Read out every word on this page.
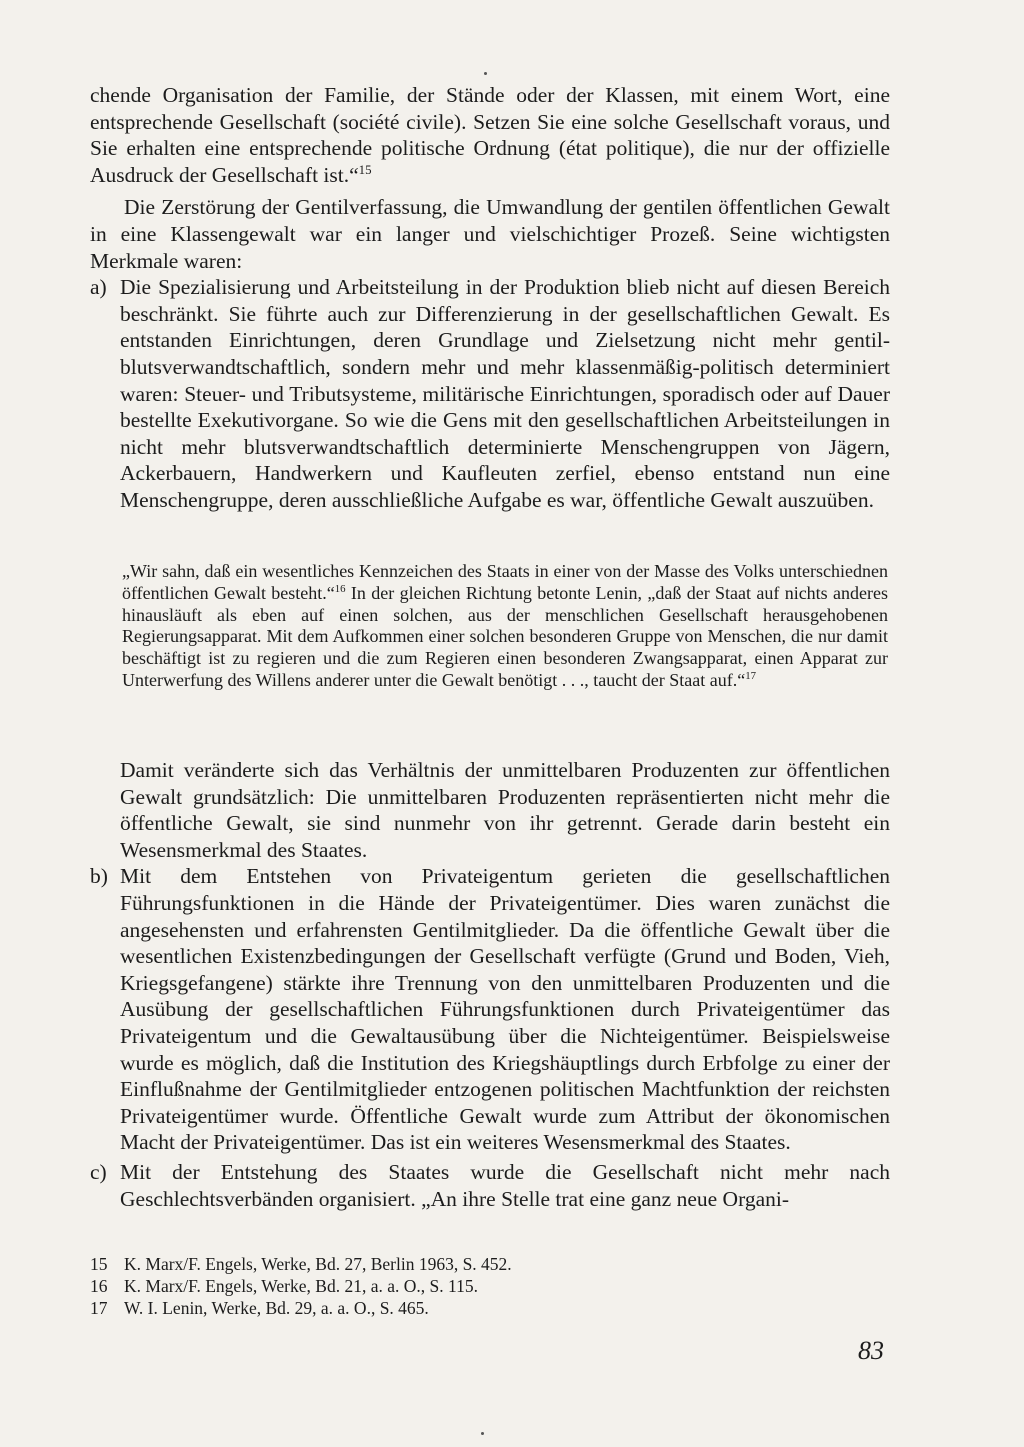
chende Organisation der Familie, der Stände oder der Klassen, mit einem Wort, eine entsprechende Gesellschaft (société civile). Setzen Sie eine solche Gesellschaft voraus, und Sie erhalten eine entsprechende politische Ordnung (état politique), die nur der offizielle Ausdruck der Gesellschaft ist.“$^{15}$

Die Zerstörung der Gentilverfassung, die Umwandlung der gentilen öffentlichen Gewalt in eine Klassengewalt war ein langer und vielschichtiger Prozeß. Seine wichtigsten Merkmale waren:

a) Die Spezialisierung und Arbeitsteilung in der Produktion blieb nicht auf diesen Bereich beschränkt. Sie führte auch zur Differenzierung in der gesellschaftlichen Gewalt. Es entstanden Einrichtungen, deren Grundlage und Zielsetzung nicht mehr gentil-blutsverwandtschaftlich, sondern mehr und mehr klassenmäßig-politisch determiniert waren: Steuer- und Tributsysteme, militärische Einrichtungen, sporadisch oder auf Dauer bestellte Exekutivorgane. So wie die Gens mit den gesellschaftlichen Arbeitsteilungen in nicht mehr blutsverwandtschaftlich determinierte Menschengruppen von Jägern, Ackerbauern, Handwerkern und Kaufleuten zerfiel, ebenso entstand nun eine Menschengruppe, deren ausschließliche Aufgabe es war, öffentliche Gewalt auszuüben.

„Wir sahn, daß ein wesentliches Kennzeichen des Staats in einer von der Masse des Volks unterschiednen öffentlichen Gewalt besteht.“$^{16}$ In der gleichen Richtung betonte Lenin, „daß der Staat auf nichts anderes hinausläuft als eben auf einen solchen, aus der menschlichen Gesellschaft herausgehobenen Regierungsapparat. Mit dem Aufkommen einer solchen besonderen Gruppe von Menschen, die nur damit beschäftigt ist zu regieren und die zum Regieren einen besonderen Zwangsapparat, einen Apparat zur Unterwerfung des Willens anderer unter die Gewalt benötigt . . ., taucht der Staat auf.“$^{17}$

Damit veränderte sich das Verhältnis der unmittelbaren Produzenten zur öffentlichen Gewalt grundsätzlich: Die unmittelbaren Produzenten repräsentierten nicht mehr die öffentliche Gewalt, sie sind nunmehr von ihr getrennt. Gerade darin besteht ein Wesensmerkmal des Staates.

b) Mit dem Entstehen von Privateigentum gerieten die gesellschaftlichen Führungsfunktionen in die Hände der Privateigentümer. Dies waren zunächst die angesehensten und erfahrensten Gentilmitglieder. Da die öffentliche Gewalt über die wesentlichen Existenzbedingungen der Gesellschaft verfügte (Grund und Boden, Vieh, Kriegsgefangene) stärkte ihre Trennung von den unmittelbaren Produzenten und die Ausübung der gesellschaftlichen Führungsfunktionen durch Privateigentümer das Privateigentum und die Gewaltausübung über die Nichteigentümer. Beispielsweise wurde es möglich, daß die Institution des Kriegshäuptlings durch Erbfolge zu einer der Einflußnahme der Gentilmitglieder entzogenen politischen Machtfunktion der reichsten Privateigentümer wurde. Öffentliche Gewalt wurde zum Attribut der ökonomischen Macht der Privateigentümer. Das ist ein weiteres Wesensmerkmal des Staates.

c) Mit der Entstehung des Staates wurde die Gesellschaft nicht mehr nach Geschlechtsverbänden organisiert. „An ihre Stelle trat eine ganz neue Organi-

15 K. Marx/F. Engels, Werke, Bd. 27, Berlin 1963, S. 452.
16 K. Marx/F. Engels, Werke, Bd. 21, a. a. O., S. 115.
17 W. I. Lenin, Werke, Bd. 29, a. a. O., S. 465.
83
